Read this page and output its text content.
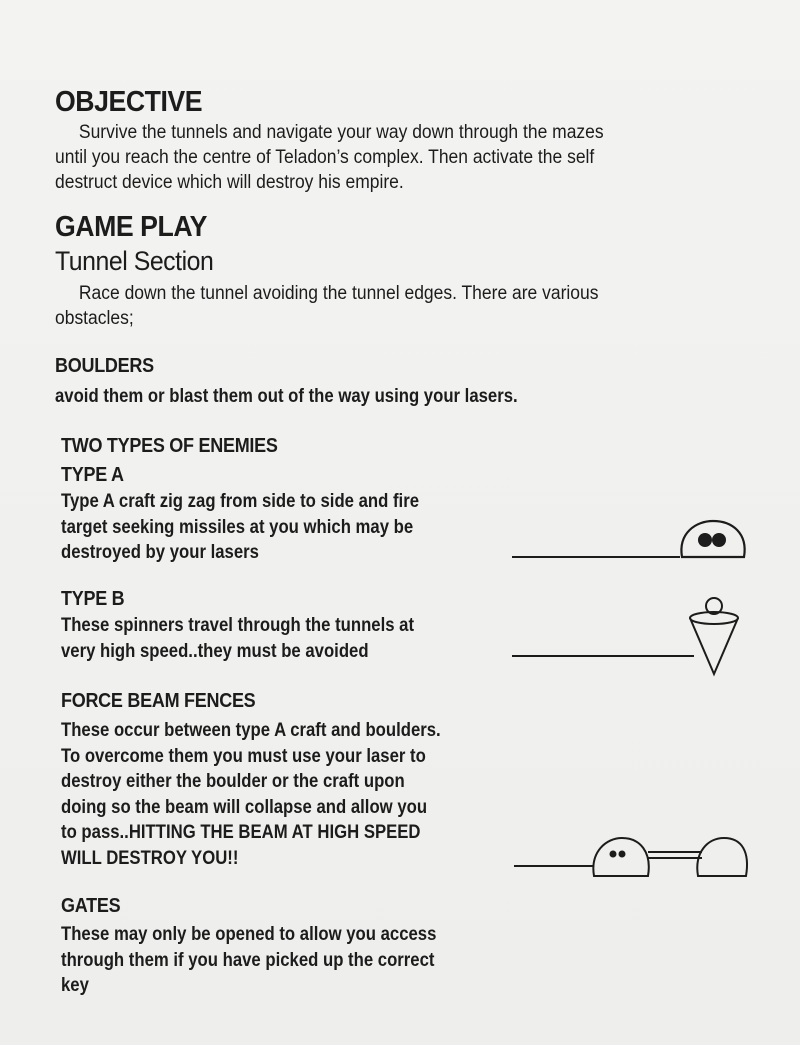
OBJECTIVE
Survive the tunnels and navigate your way down through the mazes
until you reach the centre of Teladon’s complex. Then activate the self
destruct device which will destroy his empire.
GAME PLAY
Tunnel Section
Race down the tunnel avoiding the tunnel edges. There are various
obstacles;
BOULDERS
avoid them or blast them out of the way using your lasers.
TWO TYPES OF ENEMIES
TYPE A
Type A craft zig zag from side to side and fire
target seeking missiles at you which may be
destroyed by your lasers
TYPE B
These spinners travel through the tunnels at
very high speed..they must be avoided
FORCE BEAM FENCES
These occur between type A craft and boulders.
To overcome them you must use your laser to
destroy either the boulder or the craft upon
doing so the beam will collapse and allow you
to pass..HITTING THE BEAM AT HIGH SPEED
WILL DESTROY YOU!!
GATES
These may only be opened to allow you access
through them if you have picked up the correct
key
